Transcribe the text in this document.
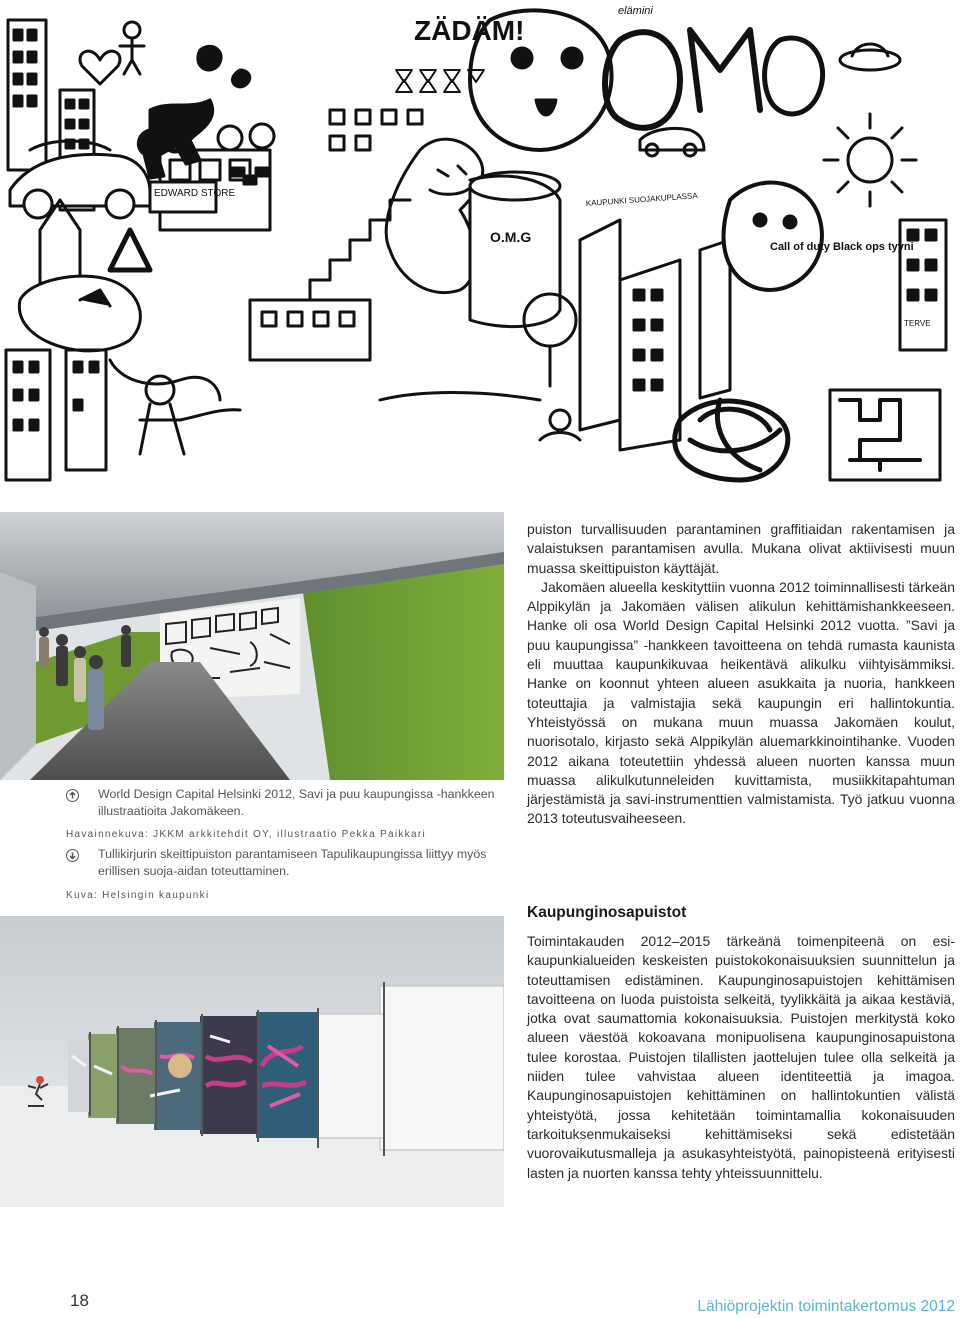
EDWARD STORE
ZÄDÄM!
elämini
O.M.G
Call of duty Black ops tyyni
KAUPUNKI SUOJAKUPLASSA
TERVE
World Design Capital Helsinki 2012, Savi ja puu kaupungissa -hankkeen illustraatioita Jakomäkeen.
Havainnekuva: JKKM arkkitehdit OY, illustraatio Pekka Paikkari
Tullikirjurin skeittipuiston parantamiseen Tapulikaupungissa liittyy myös erillisen suoja-aidan toteuttaminen.
Kuva: Helsingin kaupunki

puiston turvallisuuden parantaminen graffitiaidan rakentamisen ja valaistuksen parantamisen avulla. Mukana olivat aktiivisesti muun muassa skeittipuiston käyttäjät.

Jakomäen alueella keskityttiin vuonna 2012 toiminnallisesti tärkeän Alppikylän ja Jakomäen välisen alikulun kehittämishankkeeseen. Hanke oli osa World Design Capital Helsinki 2012 vuotta. ”Savi ja puu kaupungissa” -hankkeen tavoitteena on tehdä rumasta kaunista eli muuttaa kaupunkikuvaa heikentävä alikulku viihtyisämmiksi. Hanke on koonnut yhteen alueen asukkaita ja nuoria, hankkeen toteuttajia ja valmistajia sekä kaupungin eri hallintokuntia. Yhteistyössä on mukana muun muassa Jakomäen koulut, nuorisotalo, kirjasto sekä Alppikylän aluemarkkinointihanke. Vuoden 2012 aikana toteutettiin yhdessä alueen nuorten kanssa muun muassa alikulkutunneleiden kuvittamista, musiikkitapahtuman järjestämistä ja savi-instrumenttien valmistamista. Työ jatkuu vuonna 2013 toteutusvaiheeseen.

Kaupunginosapuistot

Toimintakauden 2012–2015 tärkeänä toimenpiteenä on esikaupunkialueiden keskeisten puistokokonaisuuksien suunnittelun ja toteuttamisen edistäminen. Kaupunginosapuistojen kehittämisen tavoitteena on luoda puistoista selkeitä, tyylikkäitä ja aikaa kestäviä, jotka ovat saumattomia kokonaisuuksia. Puistojen merkitystä koko alueen väestöä kokoavana monipuolisena kaupunginosapuistona tulee korostaa. Puistojen tilallisten jaottelujen tulee olla selkeitä ja niiden tulee vahvistaa alueen identiteettiä ja imagoa. Kaupunginosapuistojen kehittäminen on hallintokuntien välistä yhteistyötä, jossa kehitetään toimintamallia kokonaisuuden tarkoituksenmukaiseksi kehittämiseksi sekä edistetään vuorovaikutusmalleja ja asukasyhteistyötä, painopisteenä erityisesti lasten ja nuorten kanssa tehty yhteissuunnittelu.

18	Lähiöprojektin toimintakertomus 2012
